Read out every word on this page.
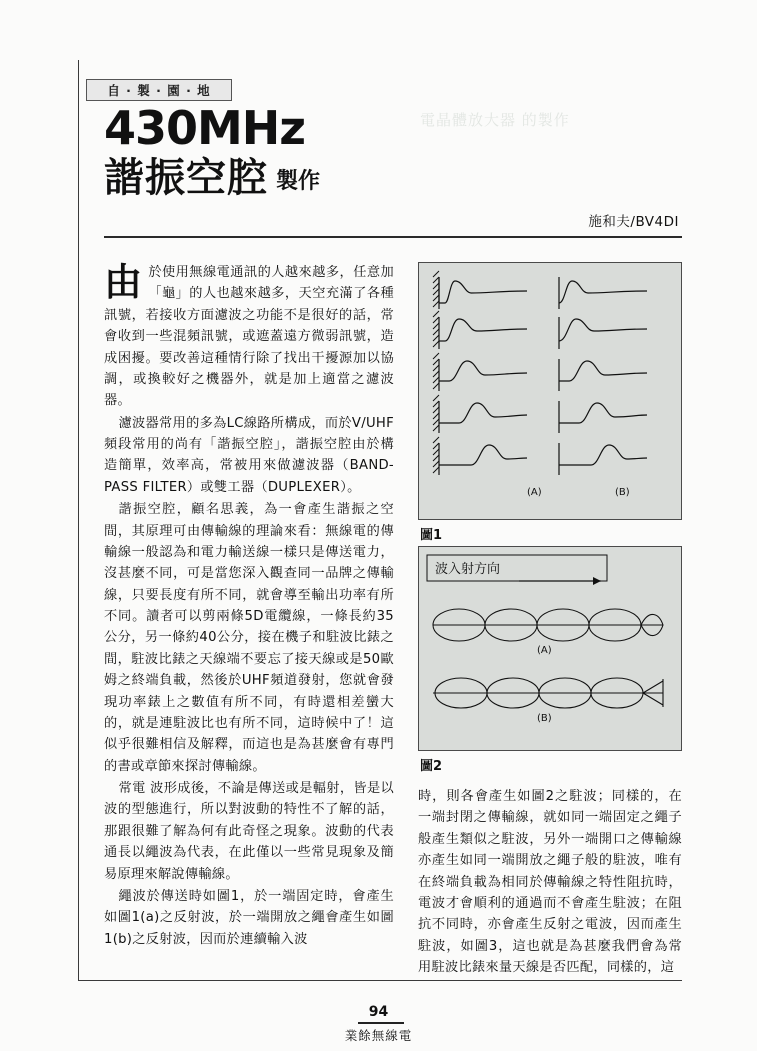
電晶體放大器 的製作
自 · 製 · 園 · 地
430MHz
諧振空腔 製作
施和夫/BV4DI

由 於使用無線電通訊的人越來越多，任意加「龜」的人也越來越多，天空充滿了各種訊號，若接收方面濾波之功能不是很好的話，常會收到一些混頻訊號，或遮蓋遠方微弱訊號，造成困擾。要改善這種情行除了找出干擾源加以協調，或換較好之機器外，就是加上適當之濾波器。

濾波器常用的多為LC線路所構成，而於V/UHF頻段常用的尚有「諧振空腔」，諧振空腔由於構造簡單，效率高，常被用來做濾波器（BAND-PASS FILTER）或雙工器（DUPLEXER）。

諧振空腔，顧名思義，為一會產生諧振之空間，其原理可由傳輸線的理論來看：無線電的傳輸線一般認為和電力輸送線一樣只是傳送電力，沒甚麼不同，可是當您深入觀查同一品牌之傳輸線，只要長度有所不同，就會導至輸出功率有所不同。讀者可以剪兩條5D電纜線，一條長約35公分，另一條約40公分，接在機子和駐波比錶之間，駐波比錶之天線端不要忘了接天線或是50歐姆之終端負載，然後於UHF頻道發射，您就會發現功率錶上之數值有所不同，有時還相差蠻大的，就是連駐波比也有所不同，這時候中了！這似乎很難相信及解釋，而這也是為甚麼會有專門的書或章節來探討傳輸線。

常電 波形成後，不論是傳送或是輻射，皆是以波的型態進行，所以對波動的特性不了解的話，那跟很難了解為何有此奇怪之現象。波動的代表通長以繩波為代表，在此僅以一些常見現象及簡易原理來解說傳輸線。

繩波於傳送時如圖1，於一端固定時，會產生如圖1(a)之反射波，於一端開放之繩會產生如圖1(b)之反射波，因而於連續輸入波

(A)	(B)
圖1
波入射方向
(A)
(B)
圖2

時，則各會產生如圖2之駐波；同樣的，在一端封閉之傳輸線，就如同一端固定之繩子般產生類似之駐波，另外一端開口之傳輸線亦產生如同一端開放之繩子般的駐波，唯有在終端負載為相同於傳輸線之特性阻抗時，電波才會順利的通過而不會產生駐波；在阻抗不同時，亦會產生反射之電波，因而產生駐波，如圖3，這也就是為甚麼我們會為常用駐波比錶來量天線是否匹配，同樣的，這

94
業餘無線電
